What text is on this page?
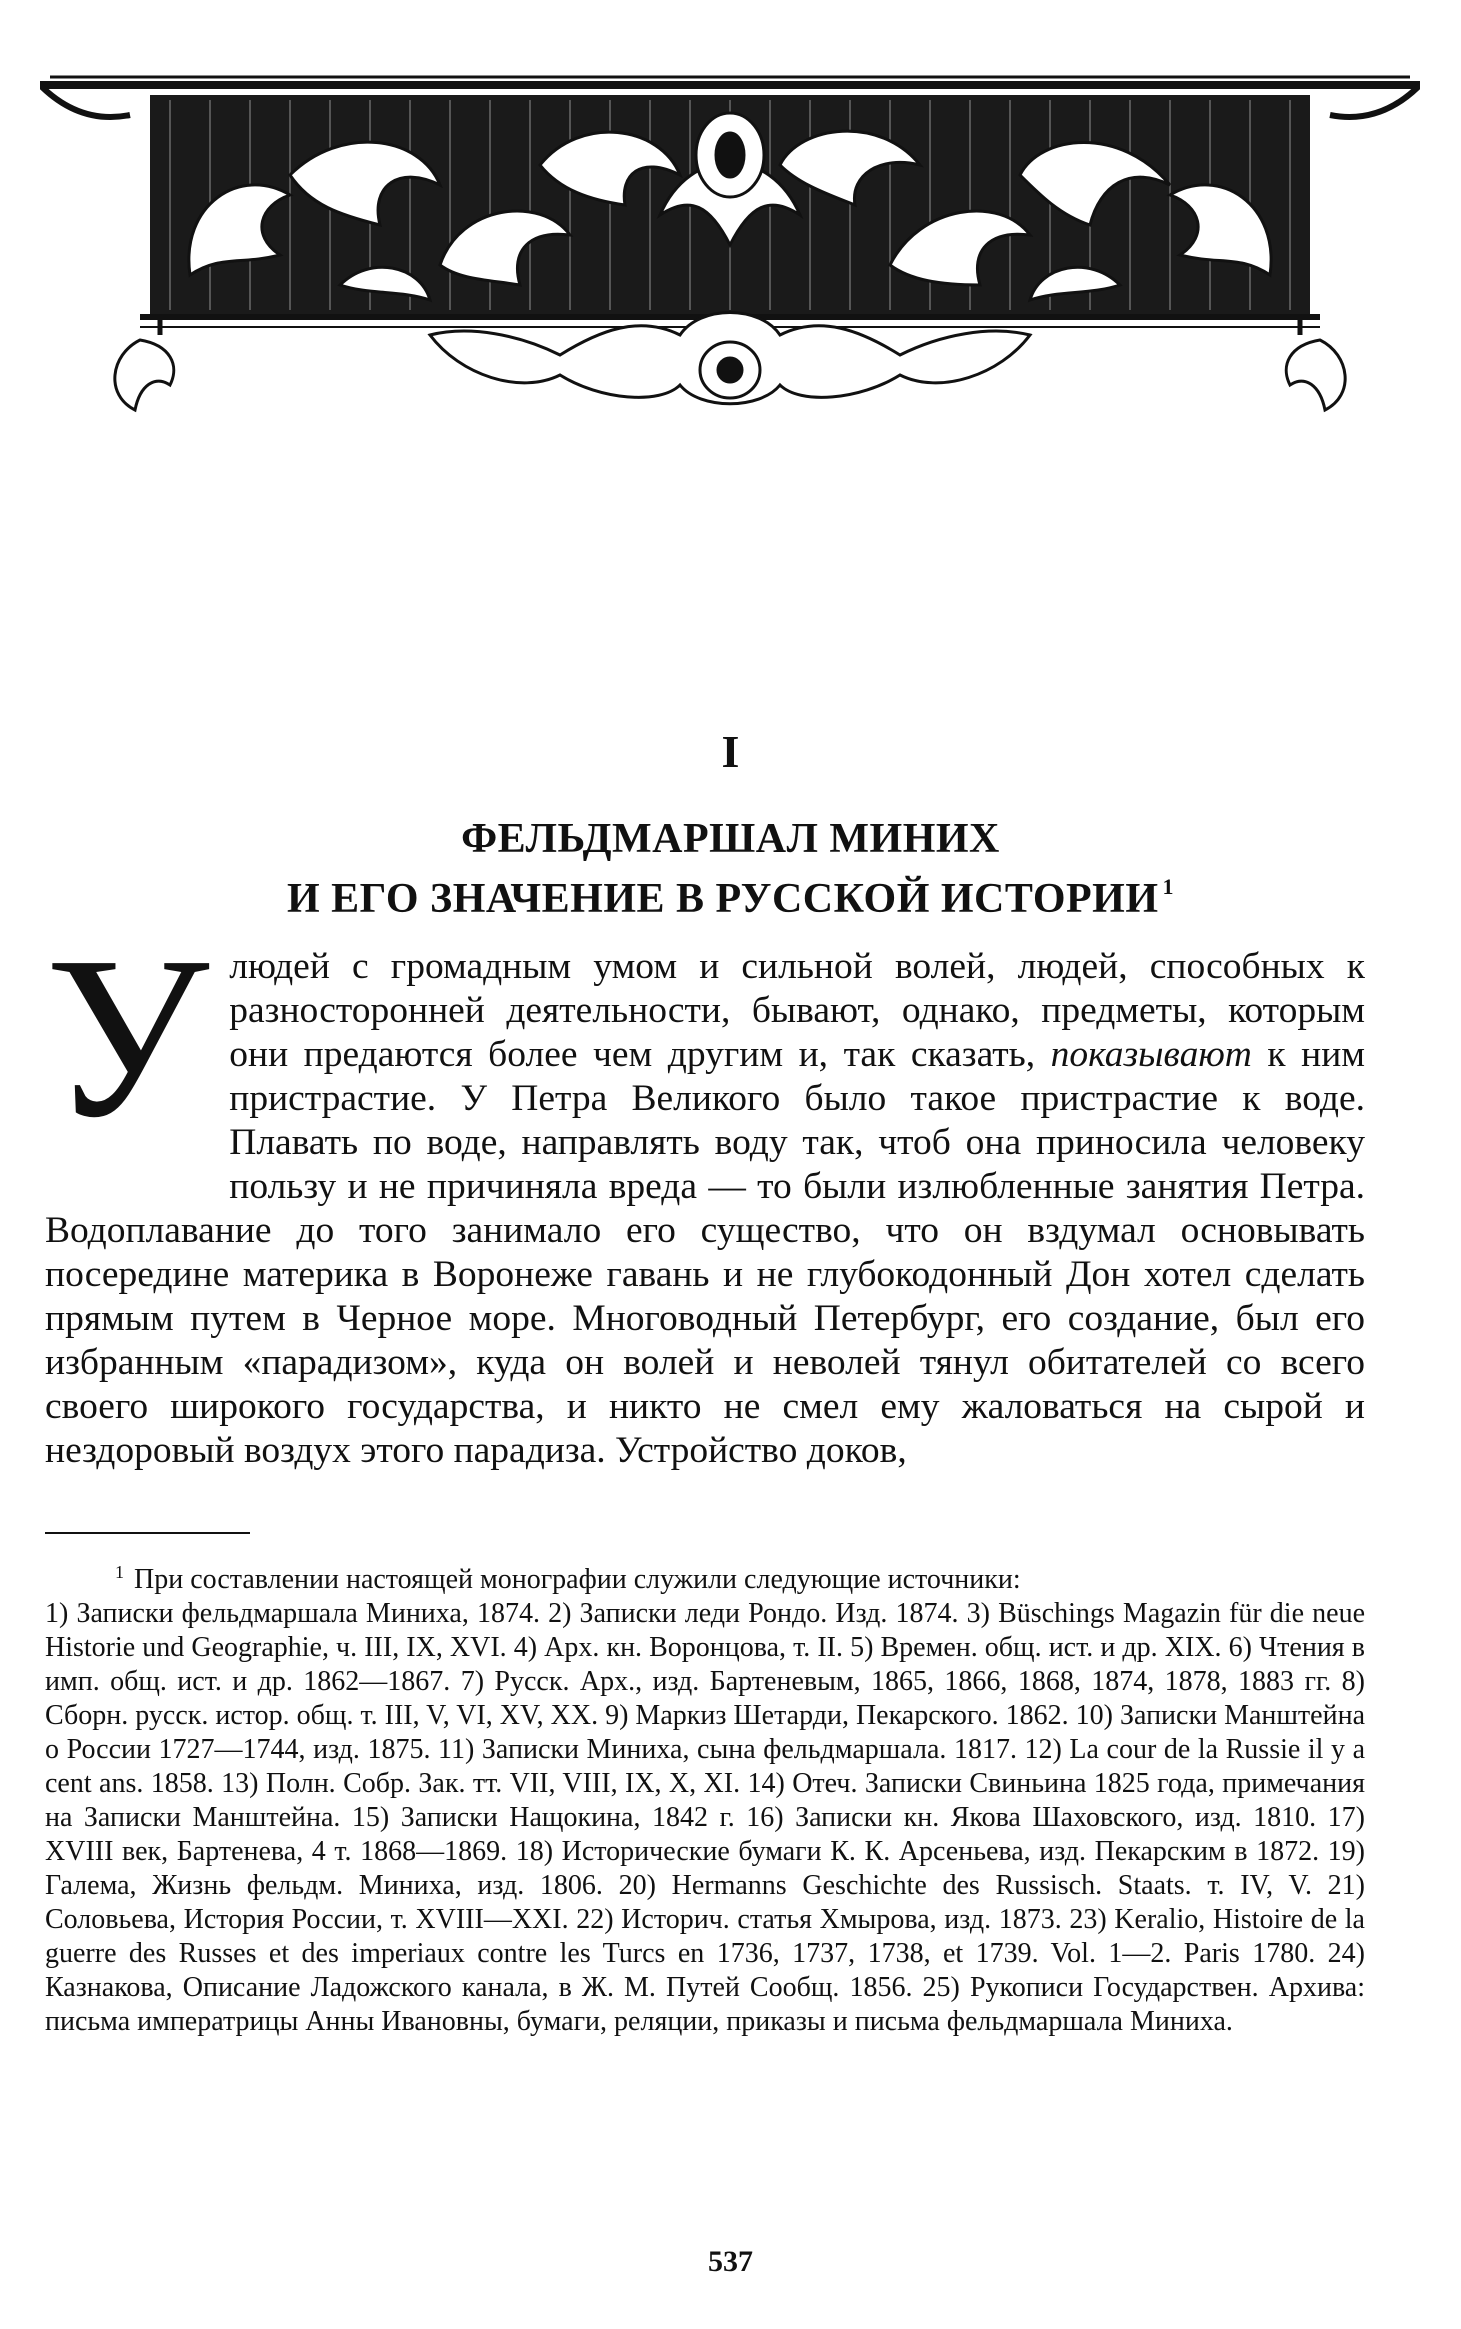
I
ФЕЛЬДМАРШАЛ МИНИХ
И ЕГО ЗНАЧЕНИЕ В РУССКОЙ ИСТОРИИ $^1$
Улюдей с громадным умом и сильной волей, людей, способных к разносторонней деятельности, бывают, однако, предметы, которым они предаются более чем другим и, так сказать, показывают к ним пристрастие. У Петра Великого было такое пристрастие к воде. Плавать по воде, направлять воду так, чтоб она приносила человеку пользу и не причиняла вреда — то были излюбленные занятия Петра. Водоплавание до того занимало его существо, что он вздумал основывать посередине материка в Воронеже гавань и не глубокодонный Дон хотел сделать прямым путем в Черное море. Многоводный Петербург, его создание, был его избранным «парадизом», куда он волей и неволей тянул обитателей со всего своего широкого государства, и никто не смел ему жаловаться на сырой и нездоровый воздух этого парадиза. Устройство доков,
$^1$ При составлении настоящей монографии служили следующие источники:
1) Записки фельдмаршала Миниха, 1874. 2) Записки леди Рондо. Изд. 1874. 3) Büschings Magazin für die neue Historie und Geographie, ч. III, IX, XVI. 4) Арх. кн. Воронцова, т. II. 5) Времен. общ. ист. и др. XIX. 6) Чтения в имп. общ. ист. и др. 1862—1867. 7) Русск. Арх., изд. Бартеневым, 1865, 1866, 1868, 1874, 1878, 1883 гг. 8) Сборн. русск. истор. общ. т. III, V, VI, XV, XX. 9) Маркиз Шетарди, Пекарского. 1862. 10) Записки Манштейна о России 1727—1744, изд. 1875. 11) Записки Миниха, сына фельдмаршала. 1817. 12) La cour de la Russie il y a cent ans. 1858. 13) Полн. Собр. Зак. тт. VII, VIII, IX, X, XI. 14) Отеч. Записки Свиньина 1825 года, примечания на Записки Манштейна. 15) Записки Нащокина, 1842 г. 16) Записки кн. Якова Шаховского, изд. 1810. 17) XVIII век, Бартенева, 4 т. 1868—1869. 18) Исторические бумаги К. К. Арсеньева, изд. Пекарским в 1872. 19) Галема, Жизнь фельдм. Миниха, изд. 1806. 20) Hermanns Geschichte des Russisch. Staats. т. IV, V. 21) Соловьева, История России, т. XVIII—XXI. 22) Историч. статья Хмырова, изд. 1873. 23) Keralio, Histoire de la guerre des Russes et des imperiaux contre les Turcs en 1736, 1737, 1738, et 1739. Vol. 1—2. Paris 1780. 24) Казнакова, Описание Ладожского канала, в Ж. М. Путей Сообщ. 1856. 25) Рукописи Государствен. Архива: письма императрицы Анны Ивановны, бумаги, реляции, приказы и письма фельдмаршала Миниха.
537
